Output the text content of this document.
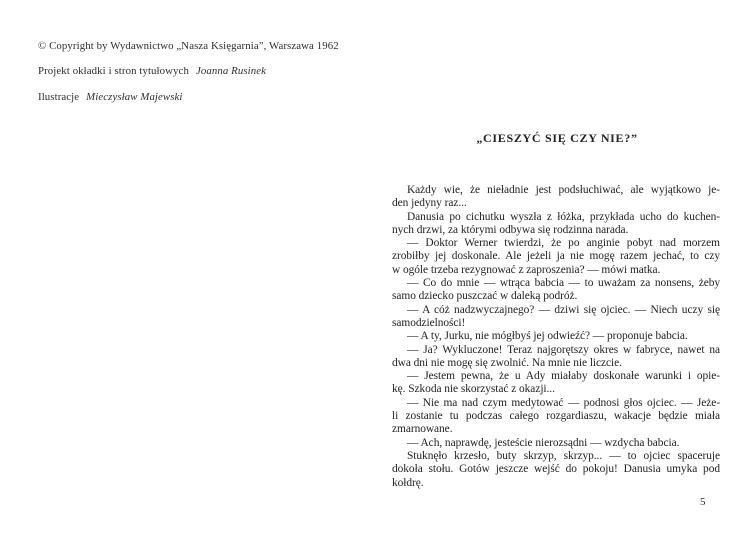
© Copyright by Wydawnictwo „Nasza Księgarnia”, Warszawa 1962
Projekt okładki i stron tytułowych Joanna Rusinek
Ilustracje Mieczysław Majewski
„CIESZYĆ SIĘ CZY NIE?”

Każdy wie, że nieładnie jest podsłuchiwać, ale wyjątkowo je-
den jedyny raz...

Danusia po cichutku wyszła z łóżka, przykłada ucho do kuchen-
nych drzwi, za którymi odbywa się rodzinna narada.

— Doktor Werner twierdzi, że po anginie pobyt nad morzem
zrobiłby jej doskonale. Ale jeżeli ja nie mogę razem jechać, to czy
w ogóle trzeba rezygnować z zaproszenia? — mówi matka.

— Co do mnie — wtrąca babcia — to uważam za nonsens, żeby
samo dziecko puszczać w daleką podróż.

— A cóż nadzwyczajnego? — dziwi się ojciec. — Niech uczy się
samodzielności!

— A ty, Jurku, nie mógłbyś jej odwieźć? — proponuje babcia.

— Ja? Wykluczone! Teraz najgorętszy okres w fabryce, nawet na
dwa dni nie mogę się zwolnić. Na mnie nie liczcie.

— Jestem pewna, że u Ady miałaby doskonałe warunki i opie-
kę. Szkoda nie skorzystać z okazji...

— Nie ma nad czym medytować — podnosi głos ojciec. — Jeże-
li zostanie tu podczas całego rozgardiaszu, wakacje będzie miała
zmarnowane.

— Ach, naprawdę, jesteście nierozsądni — wzdycha babcia.

Stuknęło krzesło, buty skrzyp, skrzyp... — to ojciec spaceruje
dokoła stołu. Gotów jeszcze wejść do pokoju! Danusia umyka pod
kołdrę.

5
